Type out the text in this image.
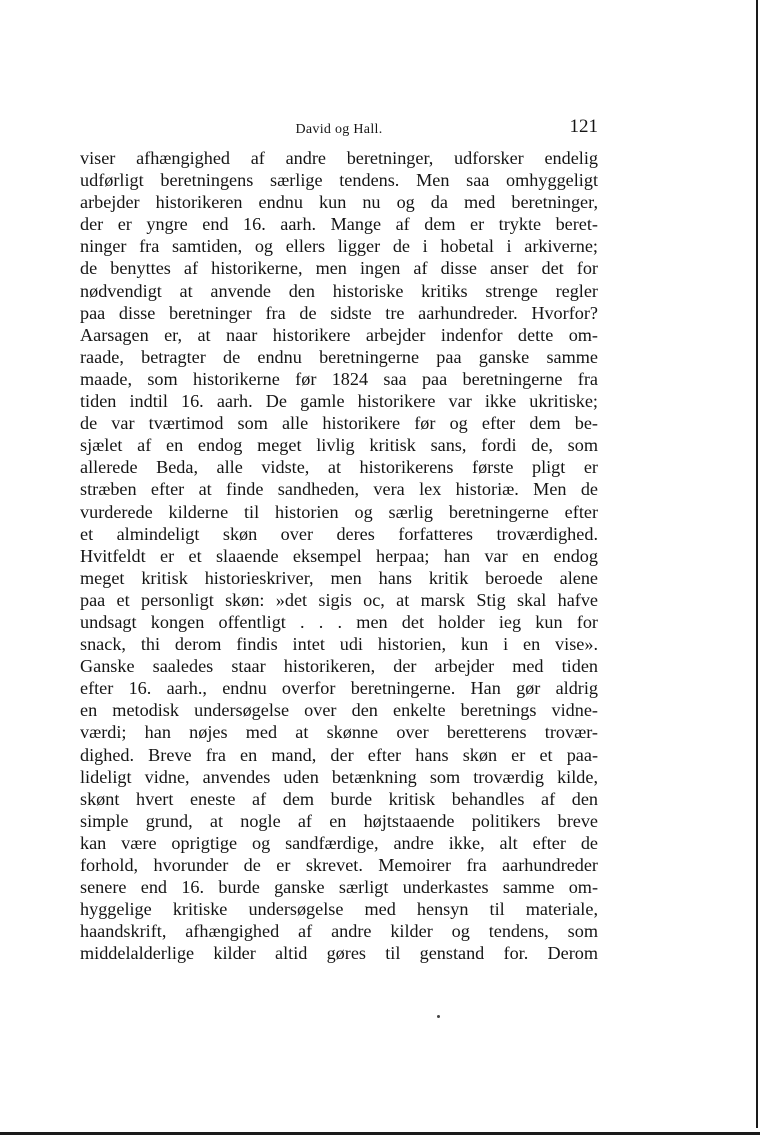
David og Hall.	121
viser afhængighed af andre beretninger, udforsker endelig
udførligt beretningens særlige tendens. Men saa omhyggeligt
arbejder historikeren endnu kun nu og da med beretninger,
der er yngre end 16. aarh. Mange af dem er trykte beret-
ninger fra samtiden, og ellers ligger de i hobetal i arkiverne;
de benyttes af historikerne, men ingen af disse anser det for
nødvendigt at anvende den historiske kritiks strenge regler
paa disse beretninger fra de sidste tre aarhundreder. Hvorfor?
Aarsagen er, at naar historikere arbejder indenfor dette om-
raade, betragter de endnu beretningerne paa ganske samme
maade, som historikerne før 1824 saa paa beretningerne fra
tiden indtil 16. aarh. De gamle historikere var ikke ukritiske;
de var tværtimod som alle historikere før og efter dem be-
sjælet af en endog meget livlig kritisk sans, fordi de, som
allerede Beda, alle vidste, at historikerens første pligt er
stræben efter at finde sandheden, vera lex historiæ. Men de
vurderede kilderne til historien og særlig beretningerne efter
et almindeligt skøn over deres forfatteres troværdighed.
Hvitfeldt er et slaaende eksempel herpaa; han var en endog
meget kritisk historieskriver, men hans kritik beroede alene
paa et personligt skøn: »det sigis oc, at marsk Stig skal hafve
undsagt kongen offentligt . . . men det holder ieg kun for
snack, thi derom findis intet udi historien, kun i en vise».
Ganske saaledes staar historikeren, der arbejder med tiden
efter 16. aarh., endnu overfor beretningerne. Han gør aldrig
en metodisk undersøgelse over den enkelte beretnings vidne-
værdi; han nøjes med at skønne over beretterens trovær-
dighed. Breve fra en mand, der efter hans skøn er et paa-
lideligt vidne, anvendes uden betænkning som troværdig kilde,
skønt hvert eneste af dem burde kritisk behandles af den
simple grund, at nogle af en højtstaaende politikers breve
kan være oprigtige og sandfærdige, andre ikke, alt efter de
forhold, hvorunder de er skrevet. Memoirer fra aarhundreder
senere end 16. burde ganske særligt underkastes samme om-
hyggelige kritiske undersøgelse med hensyn til materiale,
haandskrift, afhængighed af andre kilder og tendens, som
middelalderlige kilder altid gøres til genstand for. Derom
